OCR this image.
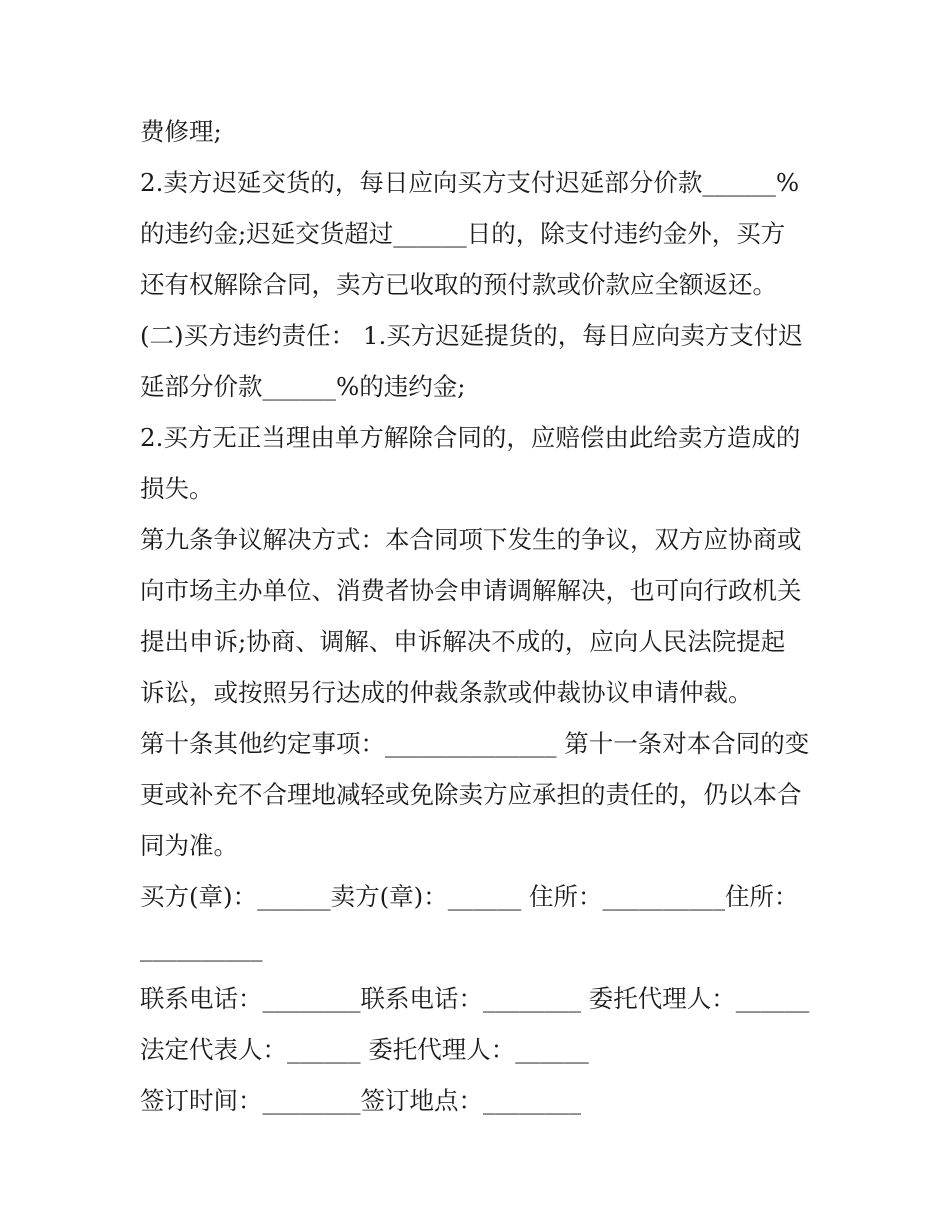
费修理;

2.卖方迟延交货的，每日应向买方支付迟延部分价款______%

的违约金;迟延交货超过______日的，除支付违约金外，买方

还有权解除合同，卖方已收取的预付款或价款应全额返还。

(二)买方违约责任： 1.买方迟延提货的，每日应向卖方支付迟

延部分价款______%的违约金;

2.买方无正当理由单方解除合同的，应赔偿由此给卖方造成的

损失。

第九条争议解决方式：本合同项下发生的争议，双方应协商或

向市场主办单位、消费者协会申请调解解决，也可向行政机关

提出申诉;协商、调解、申诉解决不成的，应向人民法院提起

诉讼，或按照另行达成的仲裁条款或仲裁协议申请仲裁。

第十条其他约定事项：______________ 第十一条对本合同的变

更或补充不合理地减轻或免除卖方应承担的责任的，仍以本合

同为准。

买方(章)：______卖方(章)：______ 住所：__________住所：

__________

联系电话：________联系电话：________ 委托代理人：______

法定代表人：______ 委托代理人：______

签订时间：________签订地点：________
